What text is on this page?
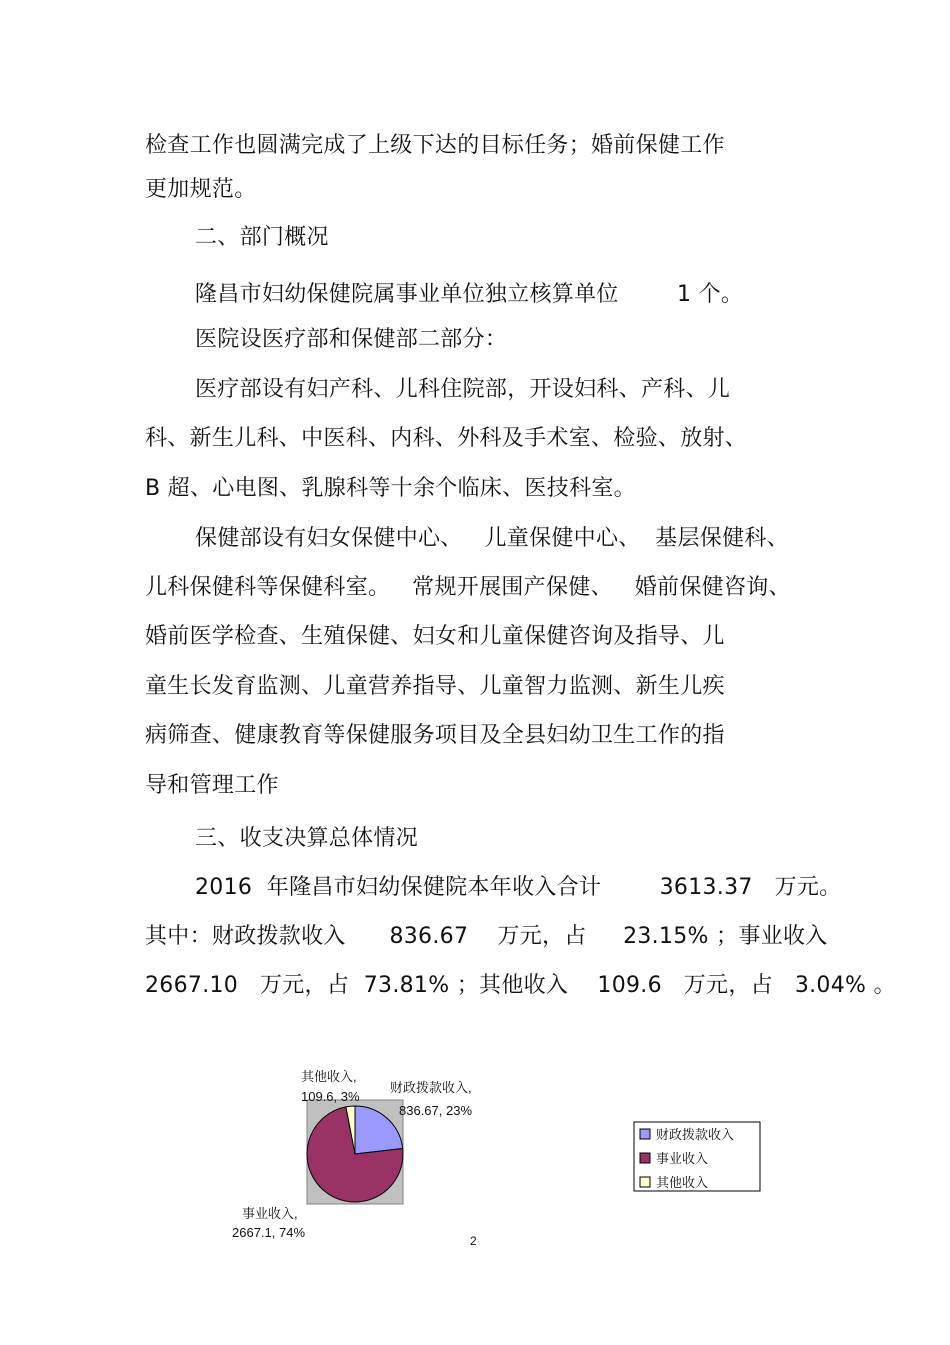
检查工作也圆满完成了上级下达的目标任务；婚前保健工作

更加规范。

二、部门概况

隆昌市妇幼保健院属事业单位独立核算单位        1 个。

医院设医疗部和保健部二部分：

医疗部设有妇产科、儿科住院部，开设妇科、产科、儿

科、新生儿科、中医科、内科、外科及手术室、检验、放射、

B 超、心电图、乳腺科等十余个临床、医技科室。

保健部设有妇女保健中心、   儿童保健中心、  基层保健科、

儿科保健科等保健科室。   常规开展围产保健、   婚前保健咨询、

婚前医学检查、生殖保健、妇女和儿童保健咨询及指导、儿

童生长发育监测、儿童营养指导、儿童智力监测、新生儿疾

病筛查、健康教育等保健服务项目及全县妇幼卫生工作的指

导和管理工作

三、收支决算总体情况

2016  年隆昌市妇幼保健院本年收入合计        3613.37   万元。

其中：财政拨款收入      836.67    万元，占     23.15% ；事业收入

2667.10   万元，占  73.81% ；其他收入    109.6   万元，占   3.04% 。

财政拨款收入,
836.67, 23%
事业收入,
2667.1, 74%
其他收入,
109.6, 3%
财政拨款收入
事业收入
其他收入
2
